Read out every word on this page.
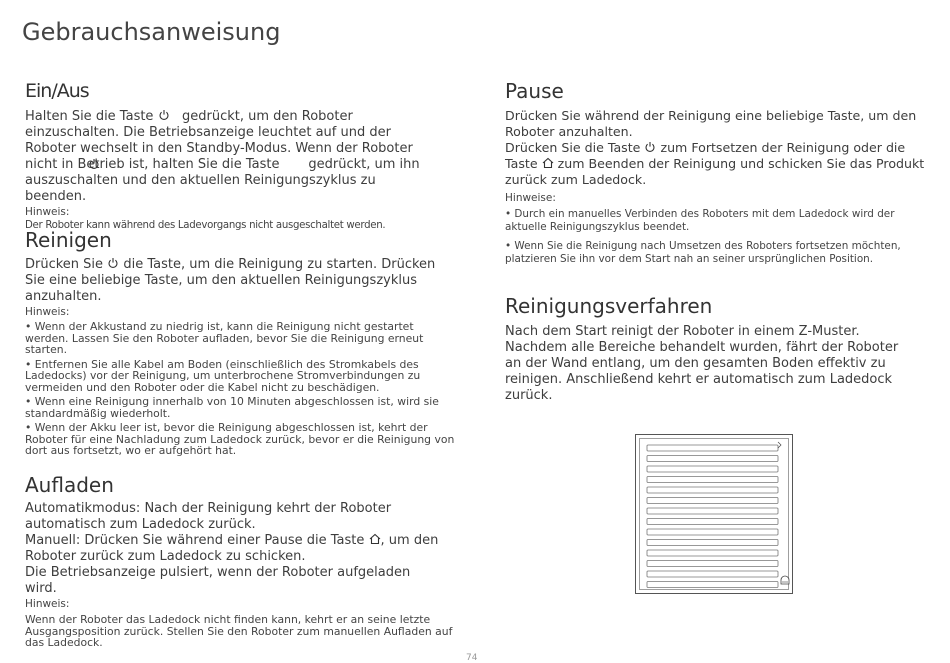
Gebrauchsanweisung
Ein/Aus

Halten Sie die Taste gedrückt, um den Roboter
einzuschalten. Die Betriebsanzeige leuchtet auf und der
Roboter wechselt in den Standby-Modus. Wenn der Roboter
nicht in Betrieb ist, halten Sie die Taste gedrückt, um ihn
auszuschalten und den aktuellen Reinigungszyklus zu
beenden.

Hinweis:

Der Roboter kann während des Ladevorgangs nicht ausgeschaltet werden.

Reinigen

Drücken Sie die Taste, um die Reinigung zu starten. Drücken
Sie eine beliebige Taste, um den aktuellen Reinigungszyklus
anzuhalten.

Hinweis:

• Wenn der Akkustand zu niedrig ist, kann die Reinigung nicht gestartet werden. Lassen Sie den Roboter aufladen, bevor Sie die Reinigung erneut starten.

• Entfernen Sie alle Kabel am Boden (einschließlich des Stromkabels des Ladedocks) vor der Reinigung, um unterbrochene Stromverbindungen zu vermeiden und den Roboter oder die Kabel nicht zu beschädigen.

• Wenn eine Reinigung innerhalb von 10 Minuten abgeschlossen ist, wird sie standardmäßig wiederholt.

• Wenn der Akku leer ist, bevor die Reinigung abgeschlossen ist, kehrt der Roboter für eine Nachladung zum Ladedock zurück, bevor er die Reinigung von dort aus fortsetzt, wo er aufgehört hat.

Aufladen

Automatikmodus: Nach der Reinigung kehrt der Roboter
automatisch zum Ladedock zurück.
Manuell: Drücken Sie während einer Pause die Taste , um den
Roboter zurück zum Ladedock zu schicken.
Die Betriebsanzeige pulsiert, wenn der Roboter aufgeladen
wird.

Hinweis:

Wenn der Roboter das Ladedock nicht finden kann, kehrt er an seine letzte Ausgangsposition zurück. Stellen Sie den Roboter zum manuellen Aufladen auf das Ladedock.

Pause

Drücken Sie während der Reinigung eine beliebige Taste, um den
Roboter anzuhalten.
Drücken Sie die Taste zum Fortsetzen der Reinigung oder die
Taste zum Beenden der Reinigung und schicken Sie das Produkt
zurück zum Ladedock.

Hinweise:

• Durch ein manuelles Verbinden des Roboters mit dem Ladedock wird der aktuelle Reinigungszyklus beendet.

• Wenn Sie die Reinigung nach Umsetzen des Roboters fortsetzen möchten, platzieren Sie ihn vor dem Start nah an seiner ursprünglichen Position.

Reinigungsverfahren

Nach dem Start reinigt der Roboter in einem Z-Muster.
Nachdem alle Bereiche behandelt wurden, fährt der Roboter
an der Wand entlang, um den gesamten Boden effektiv zu
reinigen. Anschließend kehrt er automatisch zum Ladedock
zurück.

74
